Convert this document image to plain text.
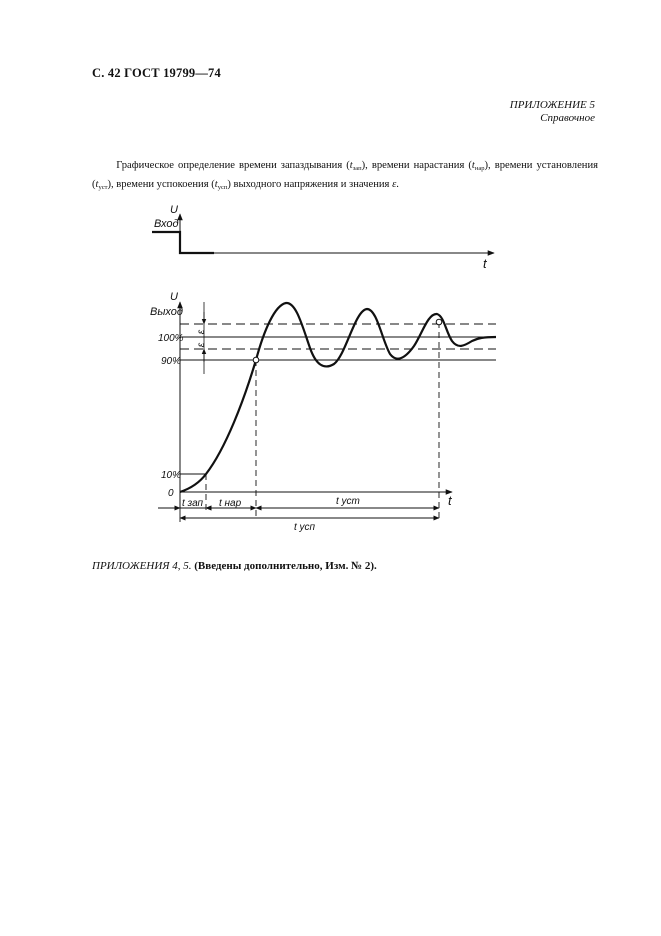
С. 42 ГОСТ 19799—74
ПРИЛОЖЕНИЕ 5
Справочное
Графическое определение времени запаздывания $(t_{зап})$, времени нарастания $(t_{нар})$, времени установления $(t_{уст})$, времени успокоения $(t_{усп})$ выходного напряжения и значения ε.
U
Вход
t
ε
ε
U
Выход
100%
90%
10%
0	t
t зап t нар	t уст
t усп
ПРИЛОЖЕНИЯ 4, 5. (Введены дополнительно, Изм. № 2).
